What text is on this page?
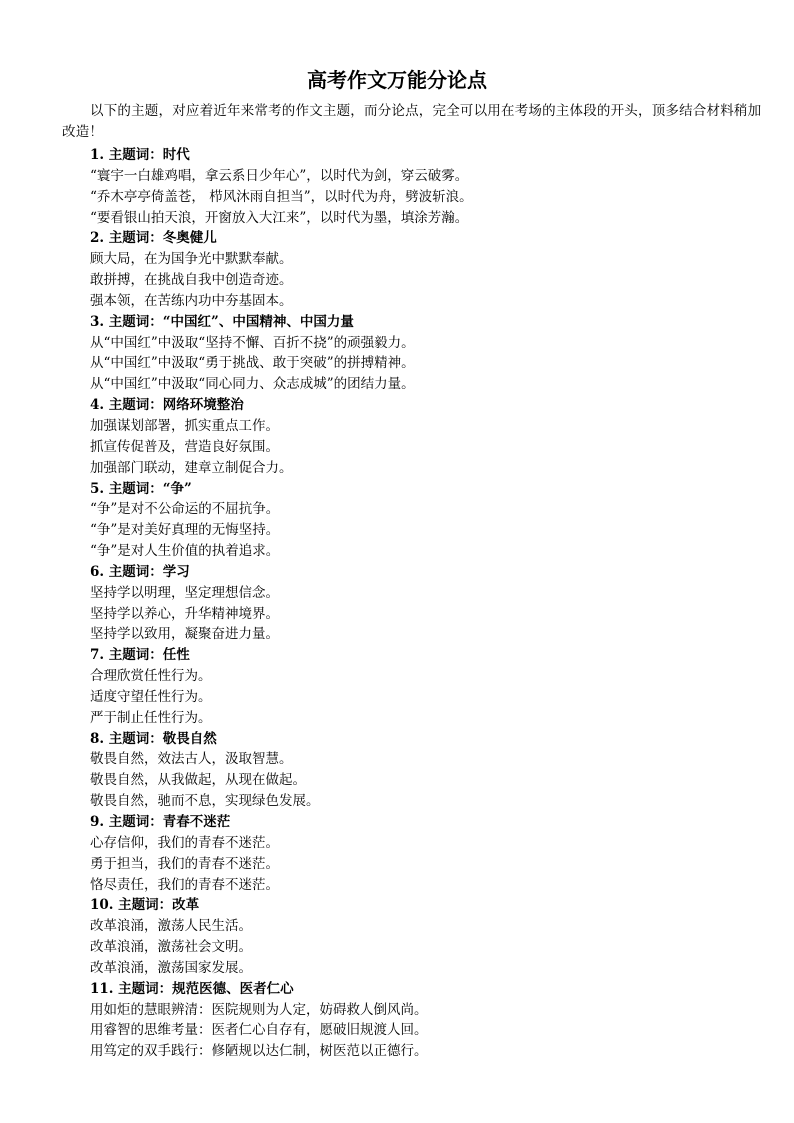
高考作文万能分论点
以下的主题，对应着近年来常考的作文主题，而分论点，完全可以用在考场的主体段的开头，顶多结合材料稍加改造！
1. 主题词：时代
“寰宇一白雄鸡唱，拿云系日少年心”，以时代为剑，穿云破雾。
“乔木亭亭倚盖苍， 栉风沐雨自担当”，以时代为舟，劈波斩浪。
“要看银山拍天浪，开窗放入大江来”，以时代为墨，填涂芳瀚。
2. 主题词：冬奥健儿
顾大局，在为国争光中默默奉献。
敢拼搏，在挑战自我中创造奇迹。
强本领，在苦练内功中夯基固本。
3. 主题词：“中国红”、中国精神、中国力量
从“中国红”中汲取“坚持不懈、百折不挠”的顽强毅力。
从“中国红”中汲取“勇于挑战、敢于突破”的拼搏精神。
从“中国红”中汲取“同心同力、众志成城”的团结力量。
4. 主题词：网络环境整治
加强谋划部署，抓实重点工作。
抓宣传促普及，营造良好氛围。
加强部门联动，建章立制促合力。
5. 主题词：“争”
“争”是对不公命运的不屈抗争。
“争”是对美好真理的无悔坚持。
“争”是对人生价值的执着追求。
6. 主题词：学习
坚持学以明理，坚定理想信念。
坚持学以养心，升华精神境界。
坚持学以致用，凝聚奋进力量。
7. 主题词：任性
合理欣赏任性行为。
适度守望任性行为。
严于制止任性行为。
8. 主题词：敬畏自然
敬畏自然，效法古人，汲取智慧。
敬畏自然，从我做起，从现在做起。
敬畏自然，驰而不息，实现绿色发展。
9. 主题词：青春不迷茫
心存信仰，我们的青春不迷茫。
勇于担当，我们的青春不迷茫。
恪尽责任，我们的青春不迷茫。
10. 主题词：改革
改革浪涌，激荡人民生活。
改革浪涌，激荡社会文明。
改革浪涌，激荡国家发展。
11. 主题词：规范医德、医者仁心
用如炬的慧眼辨清：医院规则为人定，妨碍救人倒风尚。
用睿智的思维考量：医者仁心自存有，愿破旧规渡人回。
用笃定的双手践行：修陋规以达仁制，树医范以正德行。
